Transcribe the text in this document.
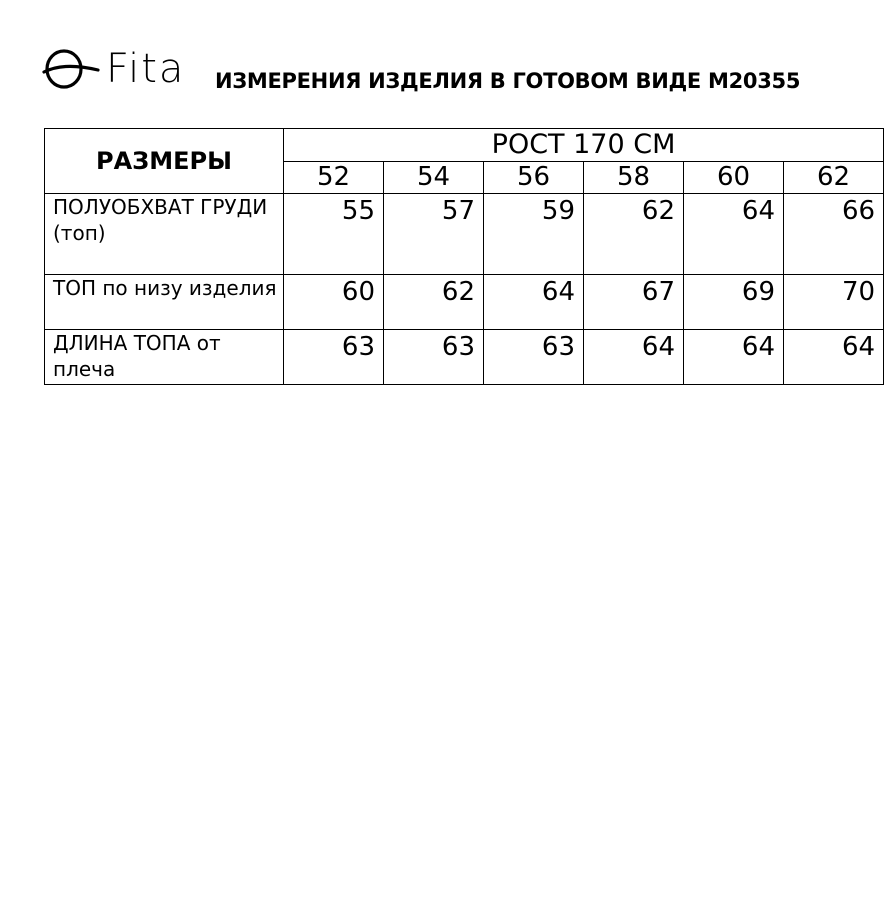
Fita ИЗМЕРЕНИЯ ИЗДЕЛИЯ В ГОТОВОМ ВИДЕ М20355
РАЗМЕРЫ	РОСТ 170 СМ					
	52	54	56	58	60	62
ПОЛУОБХВАТ ГРУДИ (топ)	55	57	59	62	64	66
ТОП по низу изделия	60	62	64	67	69	70
ДЛИНА ТОПА от плеча	63	63	63	64	64	64
